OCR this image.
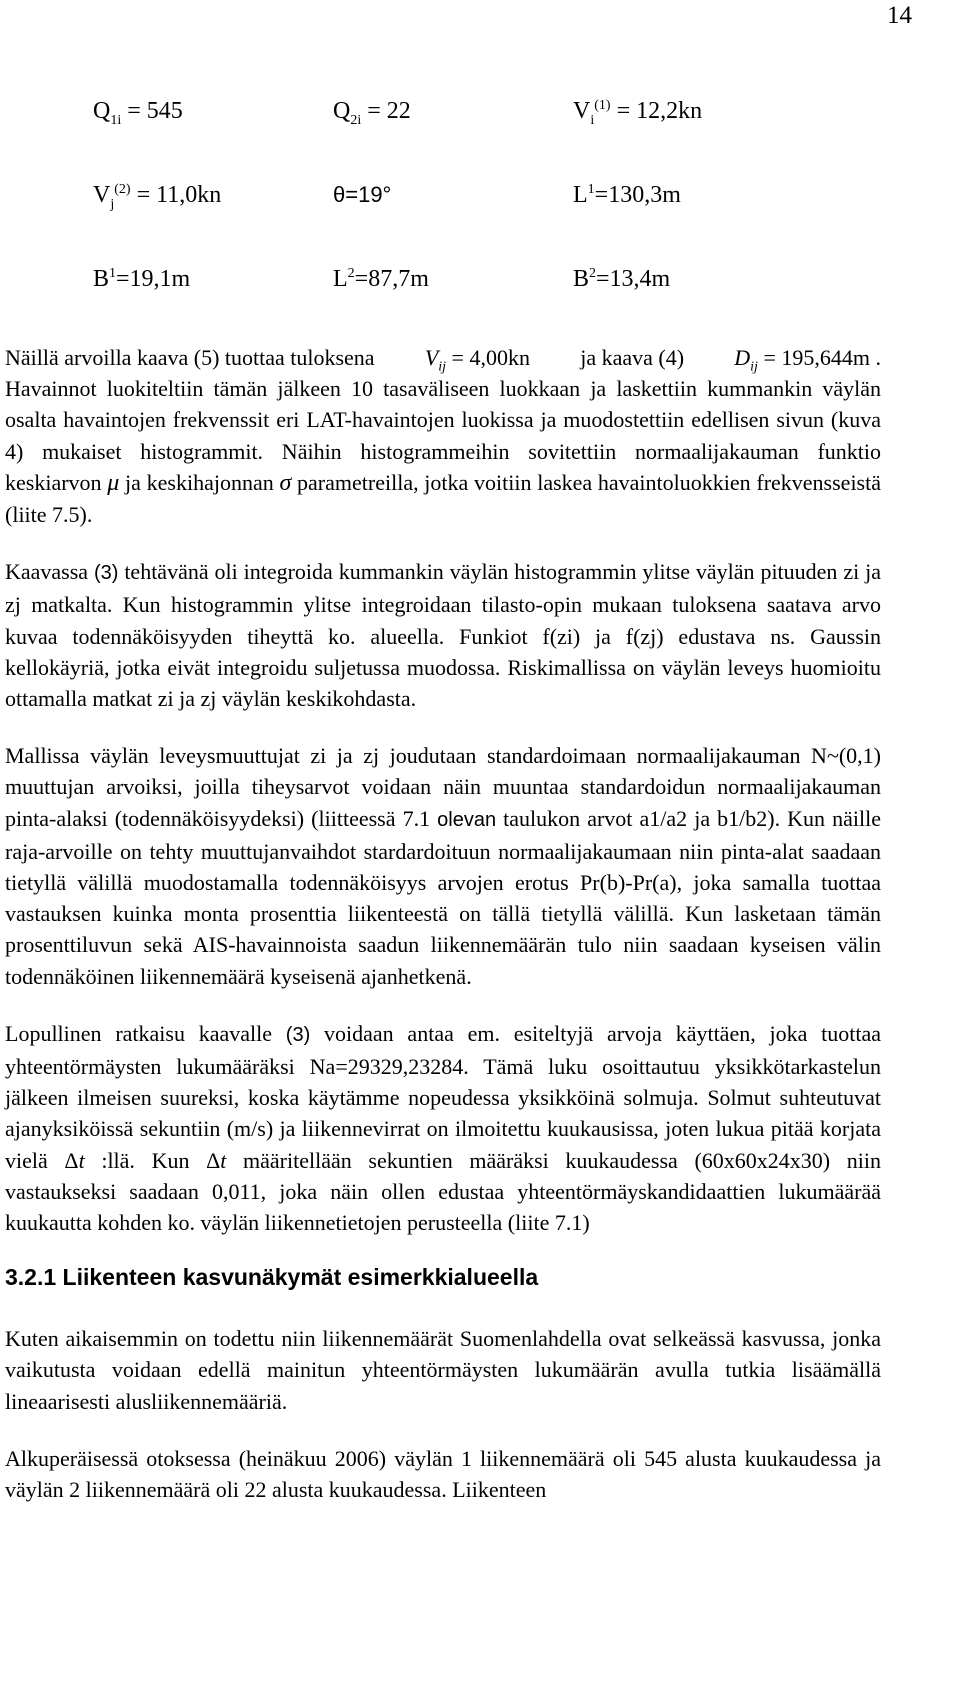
14
$Q_{1i} = 545$	$Q_{2i} = 22$	$V_i^{(1)} = 12,2kn$
$V_j^{(2)} = 11,0kn$	θ=19°	$L^1=130,3m$
$B^1=19,1m$	$L^2=87,7m$	$B^2=13,4m$
Näillä arvoilla kaava (5) tuottaa tuloksena $V_{ij} = 4,00kn$ ja kaava (4) $D_{ij} = 195,644m$ .

Havainnot luokiteltiin tämän jälkeen 10 tasaväliseen luokkaan ja laskettiin kummankin väylän osalta havaintojen frekvenssit eri LAT-havaintojen luokissa ja muodostettiin edellisen sivun (kuva 4) mukaiset histogrammit. Näihin histogrammeihin sovitettiin normaalijakauman funktio keskiarvon μ ja keskihajonnan σ parametreilla, jotka voitiin laskea havaintoluokkien frekvensseistä (liite 7.5).

Kaavassa (3) tehtävänä oli integroida kummankin väylän histogrammin ylitse väylän pituuden zi ja zj matkalta. Kun histogrammin ylitse integroidaan tilasto-opin mukaan tuloksena saatava arvo kuvaa todennäköisyyden tiheyttä ko. alueella. Funkiot f(zi) ja f(zj) edustava ns. Gaussin kellokäyriä, jotka eivät integroidu suljetussa muodossa. Riskimallissa on väylän leveys huomioitu ottamalla matkat zi ja zj väylän keskikohdasta.

Mallissa väylän leveysmuuttujat zi ja zj joudutaan standardoimaan normaalijakauman N~(0,1) muuttujan arvoiksi, joilla tiheysarvot voidaan näin muuntaa standardoidun normaalijakauman pinta-alaksi (todennäköisyydeksi) (liitteessä 7.1 olevan taulukon arvot a1/a2 ja b1/b2). Kun näille raja-arvoille on tehty muuttujanvaihdot stardardoituun normaalijakaumaan niin pinta-alat saadaan tietyllä välillä muodostamalla todennäköisyys arvojen erotus Pr(b)-Pr(a), joka samalla tuottaa vastauksen kuinka monta prosenttia liikenteestä on tällä tietyllä välillä. Kun lasketaan tämän prosenttiluvun sekä AIS-havainnoista saadun liikennemäärän tulo niin saadaan kyseisen välin todennäköinen liikennemäärä kyseisenä ajanhetkenä.

Lopullinen ratkaisu kaavalle (3) voidaan antaa em. esiteltyjä arvoja käyttäen, joka tuottaa yhteentörmäysten lukumääräksi Na=29329,23284. Tämä luku osoittautuu yksikkötarkastelun jälkeen ilmeisen suureksi, koska käytämme nopeudessa yksikköinä solmuja. Solmut suhteutuvat ajanyksiköissä sekuntiin (m/s) ja liikennevirrat on ilmoitettu kuukausissa, joten lukua pitää korjata vielä Δt :llä. Kun Δt määritellään sekuntien määräksi kuukaudessa (60x60x24x30) niin vastaukseksi saadaan 0,011, joka näin ollen edustaa yhteentörmäyskandidaattien lukumäärää kuukautta kohden ko. väylän liikennetietojen perusteella (liite 7.1)

3.2.1 Liikenteen kasvunäkymät esimerkkialueella

Kuten aikaisemmin on todettu niin liikennemäärät Suomenlahdella ovat selkeässä kasvussa, jonka vaikutusta voidaan edellä mainitun yhteentörmäysten lukumäärän avulla tutkia lisäämällä lineaarisesti alusliikennemääriä.

Alkuperäisessä otoksessa (heinäkuu 2006) väylän 1 liikennemäärä oli 545 alusta kuukaudessa ja väylän 2 liikennemäärä oli 22 alusta kuukaudessa. Liikenteen
